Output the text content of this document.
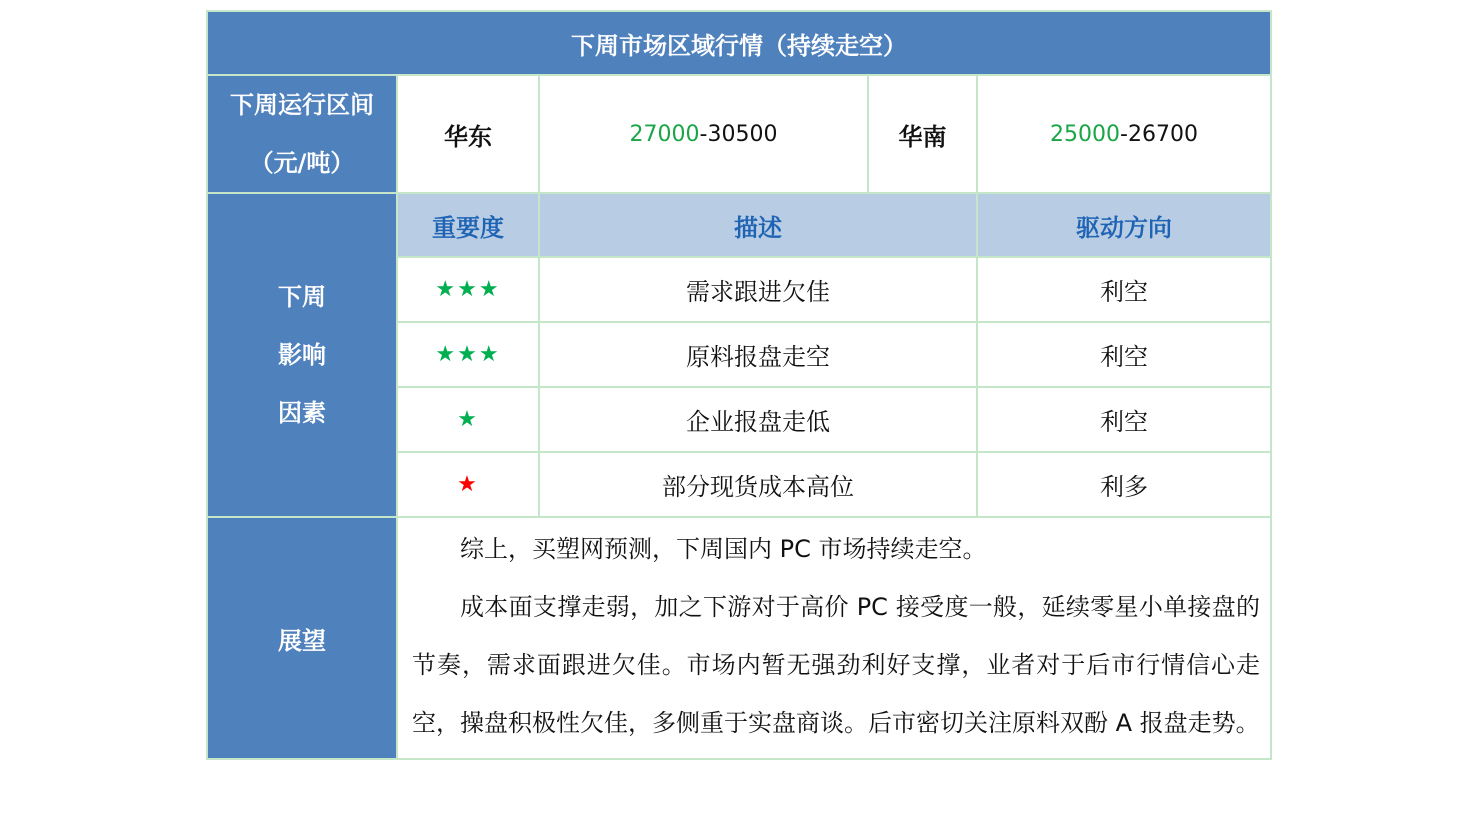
下周市场区域行情（持续走空）				

下周运行区间
（元/吨）	华东	27000-30500	华南	25000-26700

下周
影响
因素	重要度	描述		驱动方向
	★★★	需求跟进欠佳		利空
	★★★	原料报盘走空		利空
	★	企业报盘走低		利空
	★	部分现货成本高位		利多
展望	综上，买塑网预测，下周国内 PC 市场持续走空。

成本面支撑走弱，加之下游对于高价 PC 接受度一般，延续零星小单接盘的节奏，需求面跟进欠佳。市场内暂无强劲利好支撑，业者对于后市行情信心走空，操盘积极性欠佳，多侧重于实盘商谈。后市密切关注原料双酚 A 报盘走势。			
